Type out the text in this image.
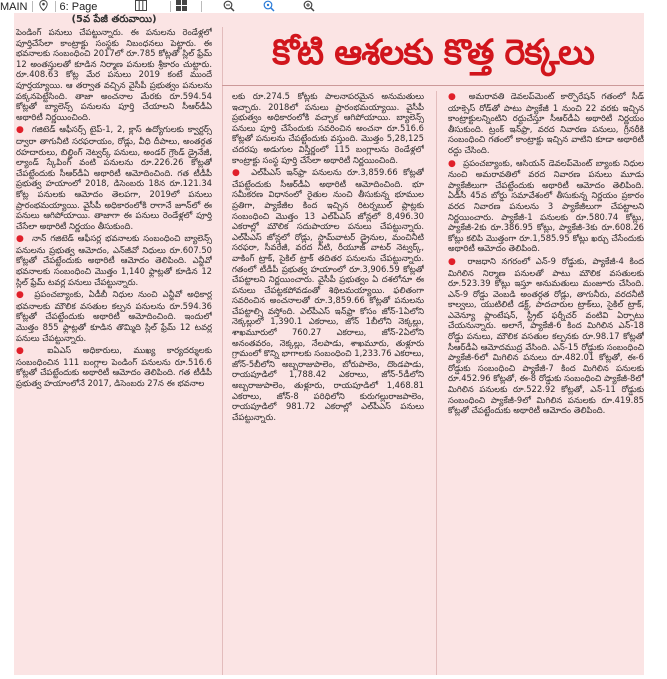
MAIN	6: Page
(5వ పేజీ తరువాయి)

పెండింగ్ పనులు చేపట్టున్నారు. ఈ పనులను రెండేళ్లలో పూర్తిచేసేలా కాంట్రాక్టు సంస్థకు నిబంధనలు పెట్టారు. ఈ భవనాలకు సంబంధించి 2017లో రూ.785 కోట్లతో స్లిల్ ఫ్రేమ్ 12 అంతస్తులతో కూడిన నిర్మాణ పనులకు శ్రీకారం చుట్టారు. రూ.408.63 కోట్ల మేర పనులు 2019 కంటే ముందే పూర్తయ్యాయి. ఆ తర్వాత వచ్చిన వైసీపీ ప్రభుత్వం పనులను పక్కనపెట్టేసింది. తాజా అంచనాల మేరకు రూ.594.54 కోట్లతో బ్యాలెన్స్ పనులను పూర్తి చేయాలని సీఆర్‌డీఏ అథారిటీ నిర్ణయించింది.

● గజిటెడ్ ఆఫీసర్స్ టైప్-1, 2, క్లాస్ ఉద్యోగులకు క్వార్టర్స్ ద్వారా తాగునీటి సరఫరాయం, రోడ్లు, వీధి దీపాలు, అంతర్గత రహదారులు, బిల్డింగ్ నెట్వర్క్ పనులు, అండర్ గ్రౌండ్ డ్రైనేజీ, ల్యాండ్ స్కేపింగ్ వంటి పనులను రూ.226.26 కోట్లతో చేపట్టేందుకు సీఆర్‌డీఏ అథారిటీ ఆమోదించింది. గత టీడీపీ ప్రభుత్వ హయాంలో 2018, డిసెంబరు 18న రూ.121.34 కోట్ల పనులకు ఆమోదం తెలపగా, 2019లో పనులు ప్రారంభమయ్యాయి. వైసీపీ అధికారంలోకి రాగానే జూన్‌లో ఈ పనులు ఆగిపోయాయి. తాజాగా ఈ పనులు రెండేళ్లలో పూర్తి చేసేలా అథారిటీ నిర్ణయం తీసుకుంది.

● నాన్ గజిటెడ్ ఆఫీసర్ల భవనాలకు సంబంధించి బ్యాలెన్స్ పనులను ప్రభుత్వ ఆమోదం, ఎన్‌జీవో నిధులు రూ.607.50 కోట్లతో చేపట్టేందుకు అథారిటీ ఆమోదం తెలిపింది. ఎన్జీవో భవనాలకు సంబంధించి మొత్తం 1,140 ఫ్లాట్లతో కూడిన 12 స్లిల్ ఫ్రేమ్ టవర్ల పనులు చేపట్టున్నారు.

● ప్రపంచబ్యాంకు, ఏడీబీ నిధుల నుంచి ఎన్జీవో అధికార్ల భవనాలకు మౌలిక వసతుల కల్పన పనులను రూ.594.36 కోట్లతో చేపట్టేందుకు అథారిటీ ఆమోదించింది. ఇందులో మొత్తం 855 ఫ్లాట్లతో కూడిన తొమ్మిది స్లిల్ ఫ్రేమ్ 12 టవర్ల పనులు చేపట్టున్నారు.

● ఐఏఎస్ అధికారులు, ముఖ్య కార్యదర్శులకు సంబంధించిన 111 బంగ్లాల పెండింగ్ పనులను రూ.516.6 కోట్లతో చేపట్టేందుకు అథారిటీ ఆమోదం తెలిపింది. గత టీడీపీ ప్రభుత్వ హయాంలోనే 2017, డిసెంబరు 27న ఈ భవనాల

కోటి ఆశలకు కొత్త రెక్కలు

లకు రూ.274.5 కోట్లకు పాలనాపరమైన అనుమతులు ఇచ్చారు. 2018లో పనులు ప్రారంభమయ్యాయి. వైసీపీ ప్రభుత్వం అధికారంలోకి వచ్చాక ఆగిపోయాయి. బ్యాలెన్స్ పనులు పూర్తి చేసేందుకు సవరించిన అంచనా రూ.516.6 కోట్లతో పనులను చేపట్టేందుకు వస్తుంది. మొత్తం 5,28,125 చదరపు అడుగుల విస్తీర్ణంలో 115 బంగ్లాలను రెండేళ్లలో కాంట్రాక్టు సంస్థ పూర్తి చేసేలా అథారిటీ నిర్ణయించింది.

● ఎల్‌పీఎస్ ఇన్‌ఫ్రా పనులను రూ.3,859.66 కోట్లతో చేపట్టేందుకు సీఆర్‌డీఏ అథారిటీ ఆమోదించింది. భూ సమీకరణ విధానంలో రైతుల నుంచి తీసుకున్న భూముల ప్రతిగా, ప్యాకేజీల కింద ఇచ్చిన రిటర్నబుల్ ప్లాట్లకు సంబంధించి మొత్తం 13 ఎల్‌పీఎస్ జోన్లలో 8,496.30 ఎకరాల్లో మౌలిక సదుపాయాల పనులు చేపట్టున్నారు. ఎల్‌పీఎస్ జోన్లలో రోడ్లు, స్టామ్‌వాటర్ డ్రైనుల, మంచినీటి సరఫరా, సీవరేజీ, వరద నీటి, రీయూజ్ వాటర్ నెట్వర్క్, వాకింగ్ ట్రాక్, సైకిల్ ట్రాక్ తదితర పనులను చేపట్టున్నారు. గతంలో టీడీపీ ప్రభుత్వ హయాంలో రూ.3,906.59 కోట్లతో చేపట్టాలని నిర్ణయించారు. వైసీపీ ప్రభుత్వం ఏ దశలోనూ ఈ పనులు చేపట్టకపోవడంతో శిథిలమయ్యాయి. ఫలితంగా సవరించిన అంచనాలతో రూ.3,859.66 కోట్లతో పనులను చేపట్టాల్సి వస్తోంది. ఎల్‌పీఎస్ ఇన్‌ఫ్రా కోసం జోన్-1ఏలోని నెక్కల్లులో 1,390.1 ఎకరాలు, జోన్ 1బీలోని నెక్కల్లు, శాఖమూరులో 760.27 ఎకరాలు, జోన్-2ఏలోని అనంతవరం, నెక్కల్లు, నేలపాడు, శాఖమూరు, తుళ్లూరు గ్రామంలో కొన్ని భాగాలకు సంబంధించి 1,233.76 ఎకరాలు, జోన్-5బీలోని అబ్బరాజుపాలెం, బోరుపాలెం, దొండపాడు, రాయపూడిలో 1,788.42 ఎకరాలు, జోన్-5డీలోని అబ్బరాజుపాలెం, తుళ్లూరు, రాయపూడిలో 1,468.81 ఎకరాలు, జోన్-8 పరిధిలోని కురుగల్లురాజపాలెం, రాయపూడిలో 981.72 ఎకరాల్లో ఎల్‌పీఎస్ పనులు చేపట్టున్నారు.

● అమరావతి డెవలప్‌మెంట్ కార్పొరేషన్ గతంలో సీడ్ యాక్సెస్ రోడ్‌తో పాటు ప్యాకేజీ 1 నుంచి 22 వరకు ఇచ్చిన కాంట్రాక్టులన్నింటిని రద్దుచేస్తూ సీఆర్‌డీఏ అథారిటీ నిర్ణయం తీసుకుంది. ట్రంక్ ఇన్‌ఫ్రా, వరద నివారణ పనులు, గ్రీనరీకి సంబంధించి గతంలో కాంట్రాక్టు ఇచ్చిన వాటిని కూడా అథారిటీ రద్దు చేసింది.

● ప్రపంచబ్యాంకు, ఆసియన్ డెవలప్‌మెంట్ బ్యాంకు నిధుల నుంచి అమరావతిలో వరద నివారణ పనులు మూడు ప్యాకేజీలుగా చేపట్టేందుకు అథారిటీ ఆమోదం తెలిపింది. ఏడీసీ 45వ బోర్డు సమావేశంలో తీసుకున్న నిర్ణయం ప్రకారం వరద నివారణ పనులను 3 ప్యాకేజీలుగా చేపట్టాలని నిర్ణయించారు. ప్యాకేజీ-1 పనులకు రూ.580.74 కోట్లు, ప్యాకేజీ-2కు రూ.386.95 కోట్లు, ప్యాకేజీ-3కు రూ.608.26 కోట్లు కలిపి మొత్తంగా రూ.1,585.95 కోట్లు ఖర్చు చేసేందుకు అథారిటీ ఆమోదం తెలిపింది.

● రాజధాని నగరంలో ఎన్-9 రోడ్డుకు, ప్యాకేజీ-4 కింద మిగిలిన నిర్మాణ పనులతో పాటు మౌలిక వసతులకు రూ.523.39 కోట్లు ఇస్తూ అనుమతులు మంజూరు చేసింది. ఎన్-9 రోడ్డు వెంబడి అంతర్గత రోడ్లు, తాగునీరు, వరదనీటి కాల్వలు, యుటిలిటీ డక్ట్, పాదచారుల ట్రాక్‌లు, సైకిల్ ట్రాక్, ఎవెన్యూ ప్లాంటేషన్, స్ట్రీట్ ఫర్నీచర్ వంటివి ఏర్పాటు చేయనున్నారు. అలాగే, ప్యాకేజీ-6 కింద మిగిలిన ఎన్-18 రోడ్డు పనులు, మౌలిక వసతుల కల్పనకు రూ.98.17 కోట్లతో సీఆర్‌డీఏ ఆమోదముద్ర వేసింది. ఎన్-15 రోడ్డుకు సంబంధించి ప్యాకేజీ-6లో మిగిలిన పనులు రూ.482.01 కోట్లతో, ఈ-6 రోడ్డుకు సంబంధించి ప్యాకేజీ-7 కింద మిగిలిన పనులకు రూ.452.96 కోట్లతో, ఈ-8 రోడ్డుకు సంబంధించి ప్యాకేజీ-8లో మిగిలిన పనులకు రూ.522.92 కోట్లతో, ఎన్-11 రోడ్డుకు సంబంధించి ప్యాకేజీ-9లో మిగిలిన పనులకు రూ.419.85 కోట్లతో చేపట్టేందుకు అథారిటీ ఆమోదం తెలిపింది.
